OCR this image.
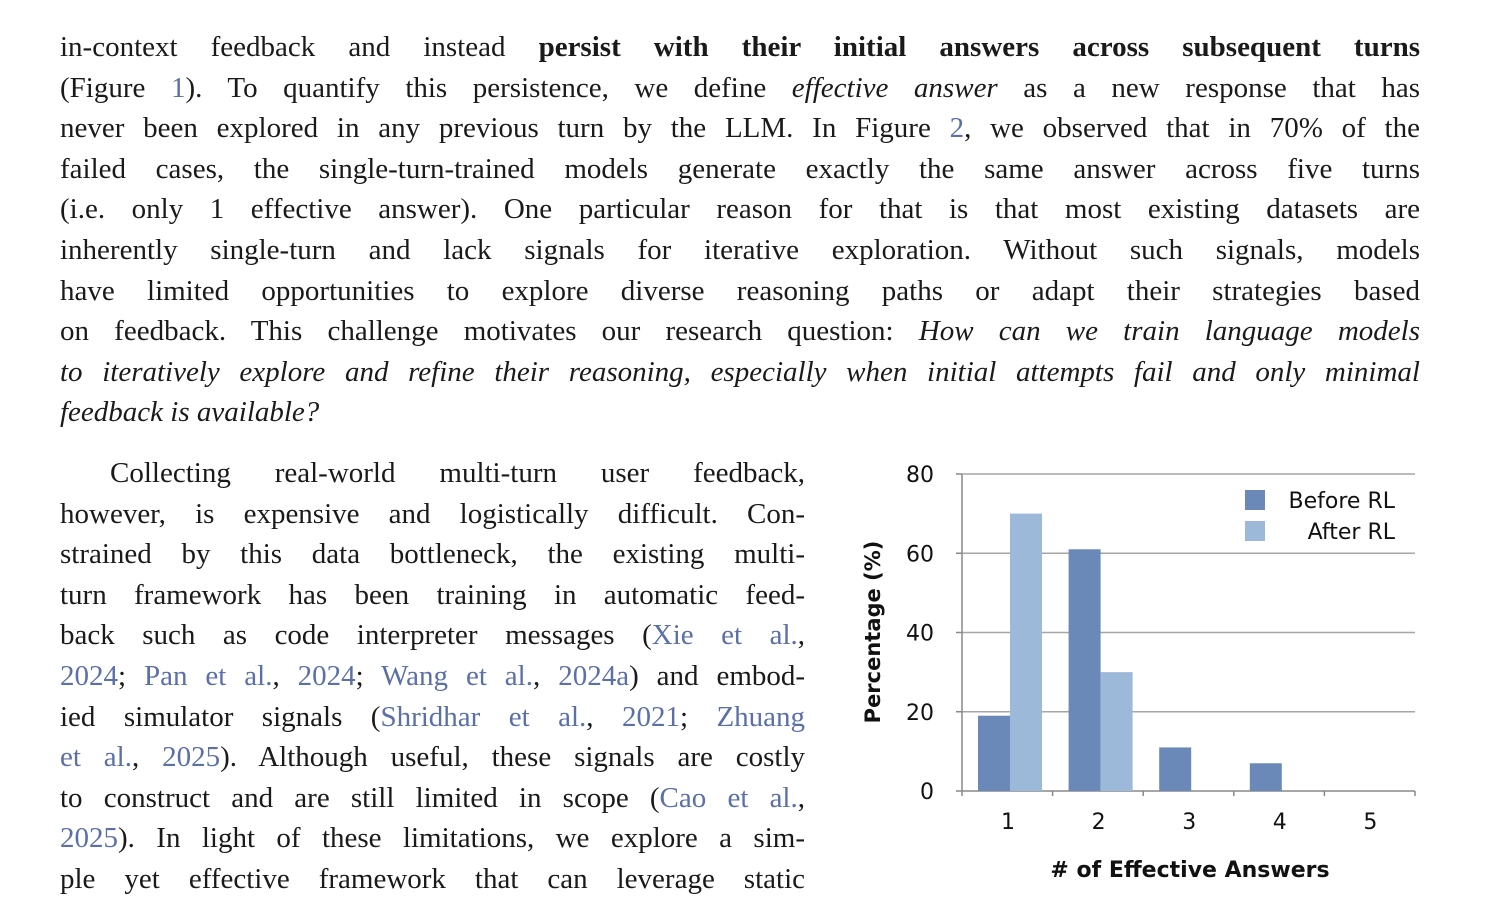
in-context feedback and instead persist with their initial answers across subsequent turns
(Figure 1). To quantify this persistence, we define effective answer as a new response that has
never been explored in any previous turn by the LLM. In Figure 2, we observed that in 70% of the
failed cases, the single-turn-trained models generate exactly the same answer across five turns
(i.e. only 1 effective answer). One particular reason for that is that most existing datasets are
inherently single-turn and lack signals for iterative exploration. Without such signals, models
have limited opportunities to explore diverse reasoning paths or adapt their strategies based
on feedback. This challenge motivates our research question: How can we train language models
to iteratively explore and refine their reasoning, especially when initial attempts fail and only minimal
feedback is available?
Collecting real-world multi-turn user feedback,
however, is expensive and logistically difficult. Con-
strained by this data bottleneck, the existing multi-
turn framework has been training in automatic feed-
back such as code interpreter messages (Xie et al.,
2024; Pan et al., 2024; Wang et al., 2024a) and embod-
ied simulator signals (Shridhar et al., 2021; Zhuang
et al., 2025). Although useful, these signals are costly
to construct and are still limited in scope (Cao et al.,
2025). In light of these limitations, we explore a sim-
ple yet effective framework that can leverage static
0
20
40
60
80
1	2	3	4	5
Percentage (%)
# of Effective Answers
Before RL
After RL
